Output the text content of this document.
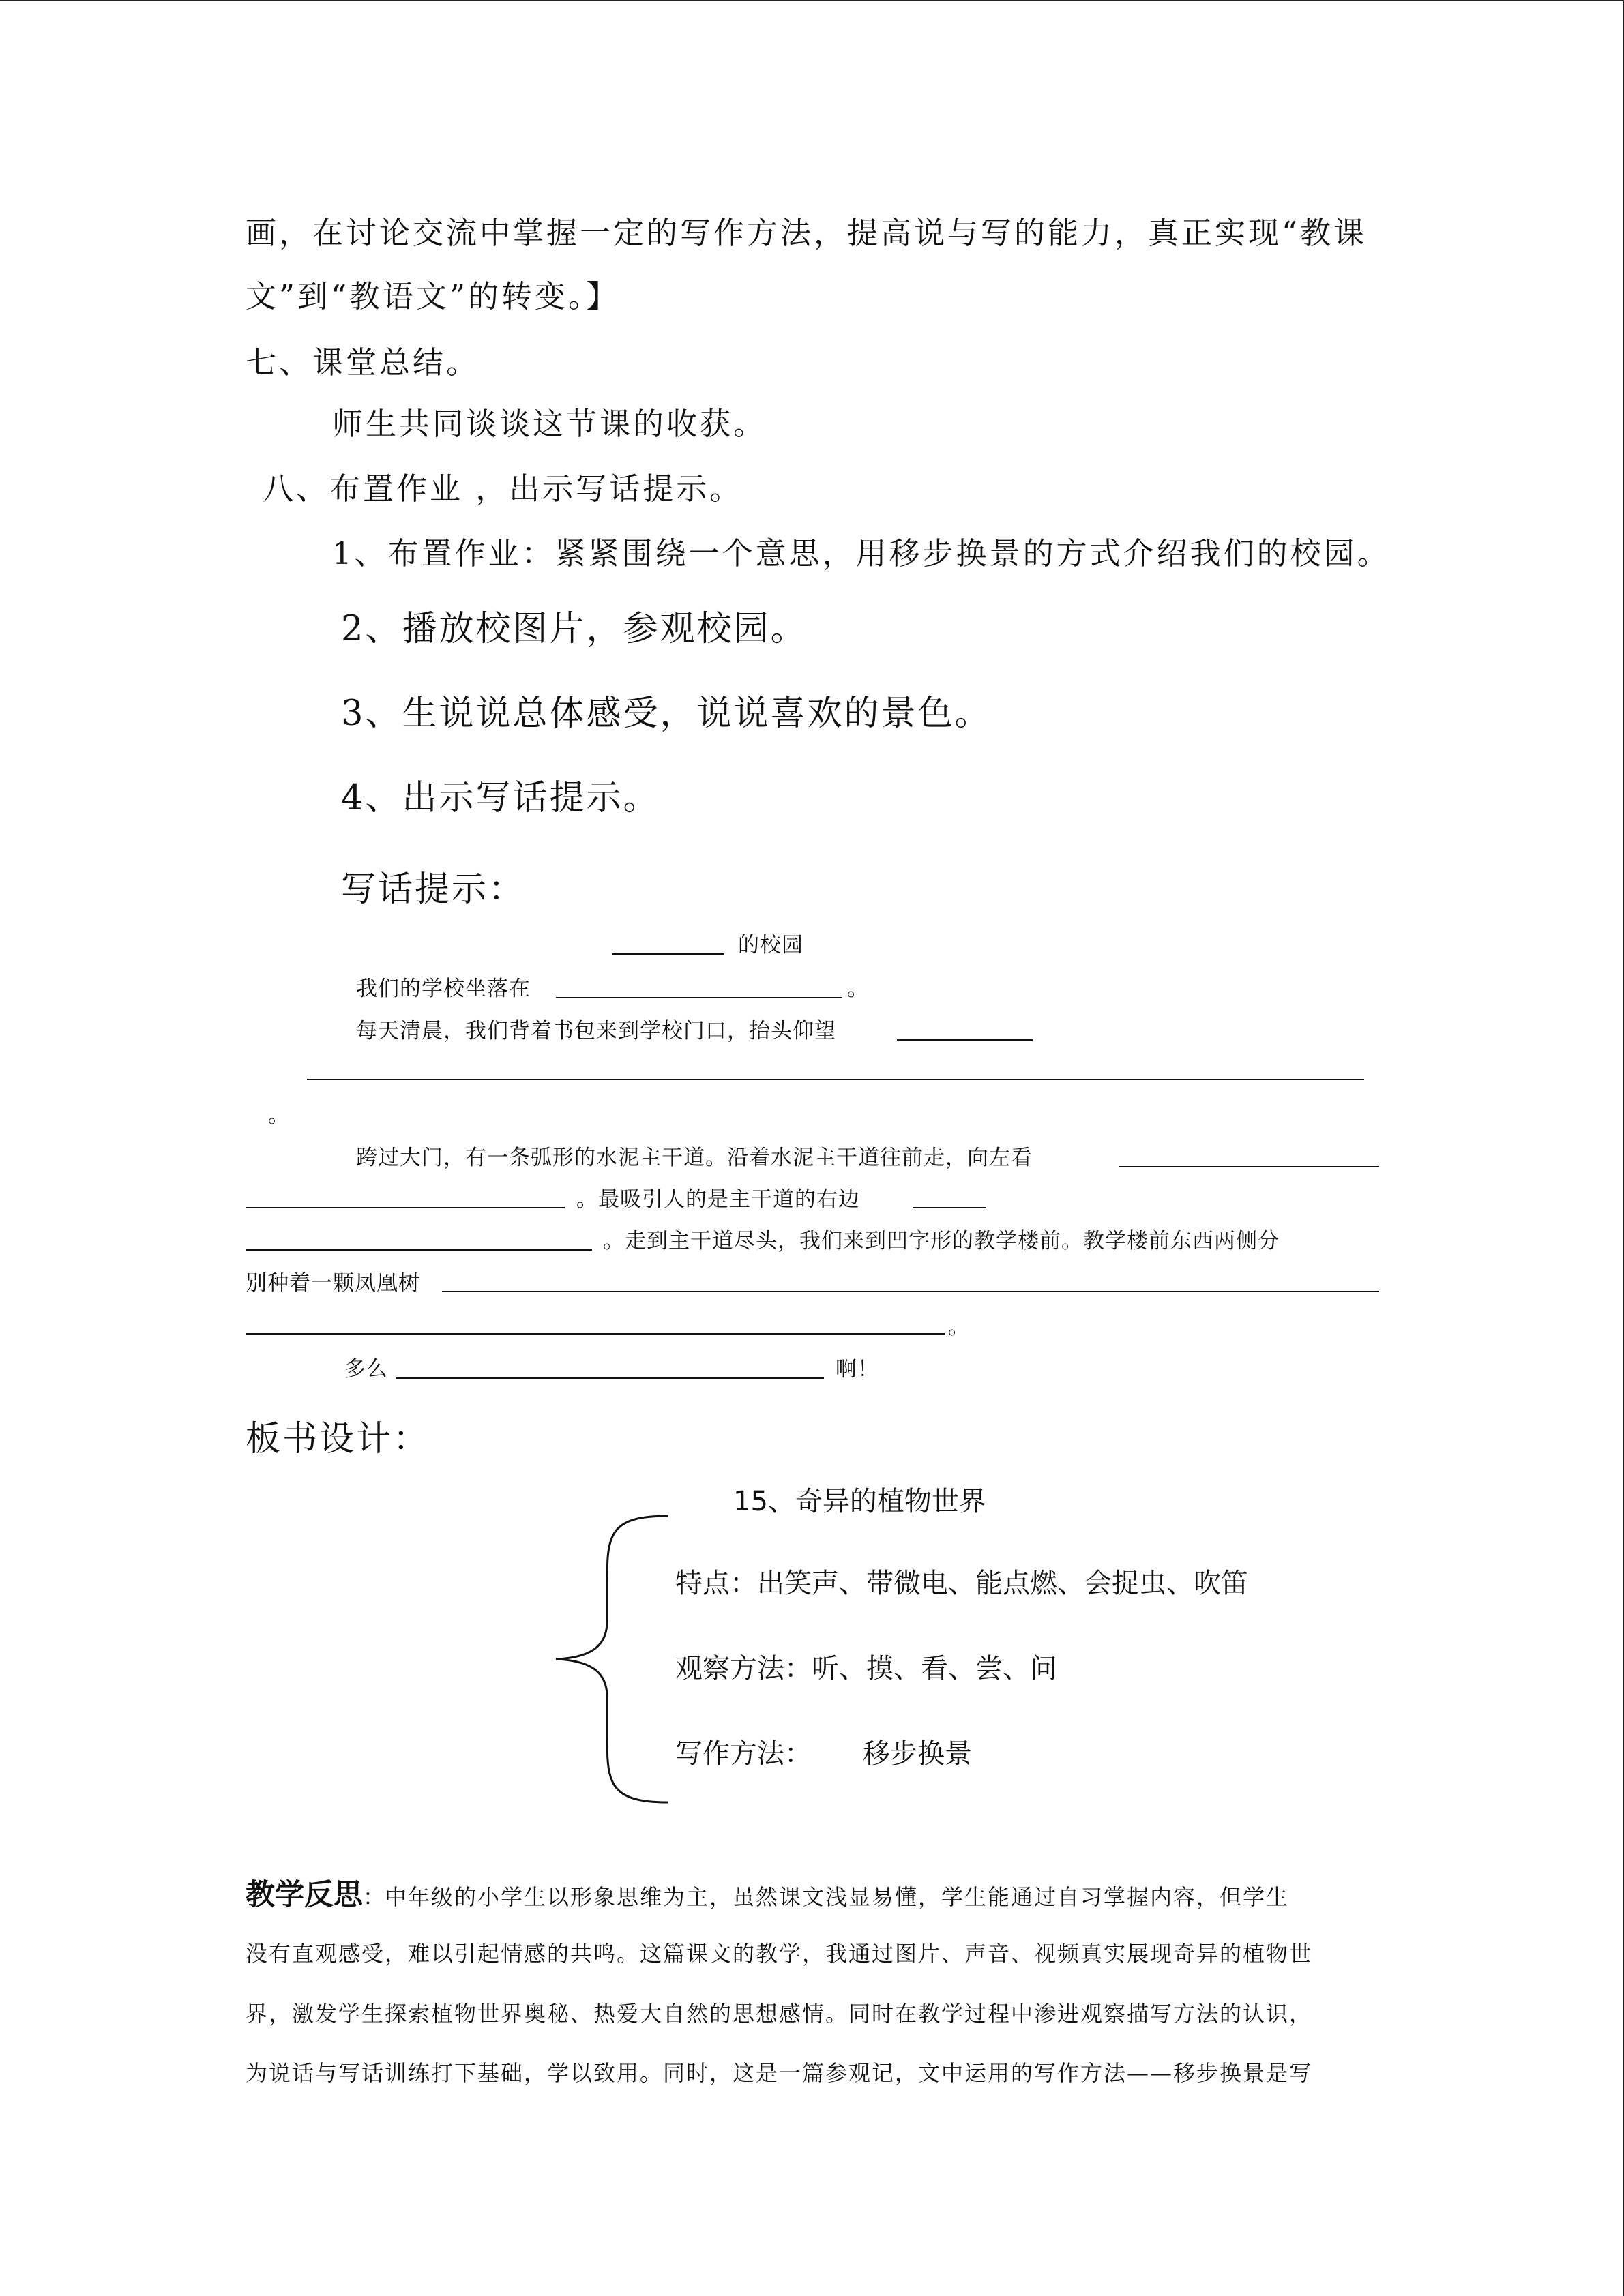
画，在讨论交流中掌握一定的写作方法，提高说与写的能力，真正实现“教课
文”到“教语文”的转变。】
七、课堂总结。
师生共同谈谈这节课的收获。
八、布置作业 ，出示写话提示。
1、布置作业：紧紧围绕一个意思，用移步换景的方式介绍我们的校园。
2、播放校图片，参观校园。
3、生说说总体感受，说说喜欢的景色。
4、出示写话提示。
写话提示：
的校园
我们的学校坐落在	。
每天清晨，我们背着书包来到学校门口，抬头仰望
。
跨过大门，有一条弧形的水泥主干道。沿着水泥主干道往前走，向左看
。最吸引人的是主干道的右边
。走到主干道尽头，我们来到凹字形的教学楼前。教学楼前东西两侧分
别种着一颗凤凰树
。
多么	啊！
板书设计：
15、奇异的植物世界
特点：出笑声、带微电、能点燃、会捉虫、吹笛
观察方法：听、摸、看、尝、问
写作方法： 移步换景
教学反思：中年级的小学生以形象思维为主，虽然课文浅显易懂，学生能通过自习掌握内容，但学生
没有直观感受，难以引起情感的共鸣。这篇课文的教学，我通过图片、声音、视频真实展现奇异的植物世
界，激发学生探索植物世界奥秘、热爱大自然的思想感情。同时在教学过程中渗进观察描写方法的认识，
为说话与写话训练打下基础，学以致用。同时，这是一篇参观记，文中运用的写作方法——移步换景是写
